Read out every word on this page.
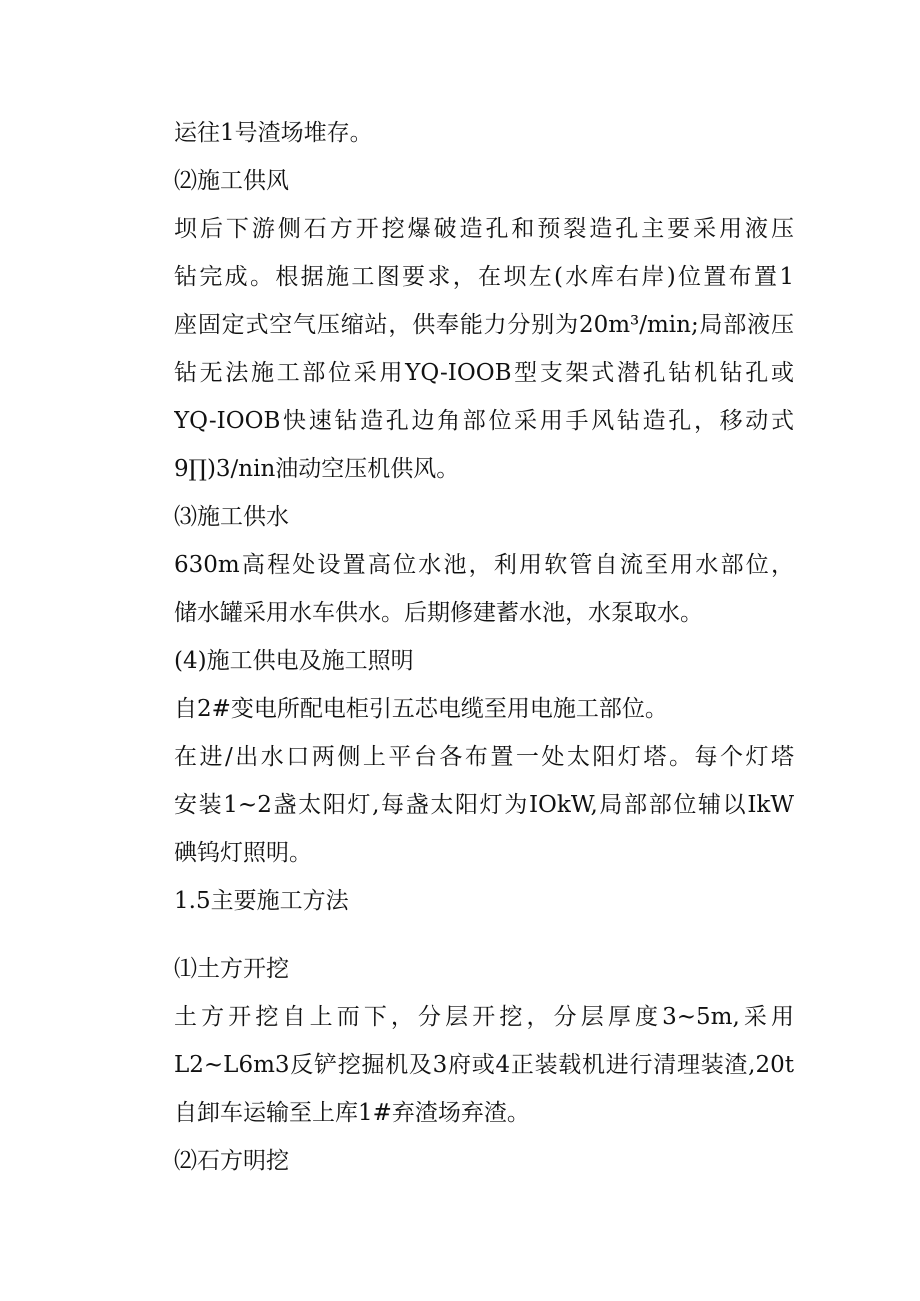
运往1号渣场堆存。
⑵施工供风
坝后下游侧石方开挖爆破造孔和预裂造孔主要采用液压
钻完成。根据施工图要求，在坝左(水库右岸)位置布置1
座固定式空气压缩站，供奉能力分别为20m³/min;局部液压
钻无法施工部位采用YQ-IOOB型支架式潜孔钻机钻孔或
YQ-IOOB快速钻造孔边角部位采用手风钻造孔，移动式
9∏)3∕nin油动空压机供风。
⑶施工供水
630m高程处设置高位水池，利用软管自流至用水部位，
储水罐采用水车供水。后期修建蓄水池，水泵取水。
(4)施工供电及施工照明
自2#变电所配电柜引五芯电缆至用电施工部位。
在进/出水口两侧上平台各布置一处太阳灯塔。每个灯塔
安装1~2盏太阳灯,每盏太阳灯为IOkW,局部部位辅以IkW
碘钨灯照明。
1.5主要施工方法
⑴土方开挖
土方开挖自上而下，分层开挖，分层厚度3~5m,采用
L2~L6m3反铲挖掘机及3府或4正装载机进行清理装渣,20t
自卸车运输至上库1#弃渣场弃渣。
⑵石方明挖
